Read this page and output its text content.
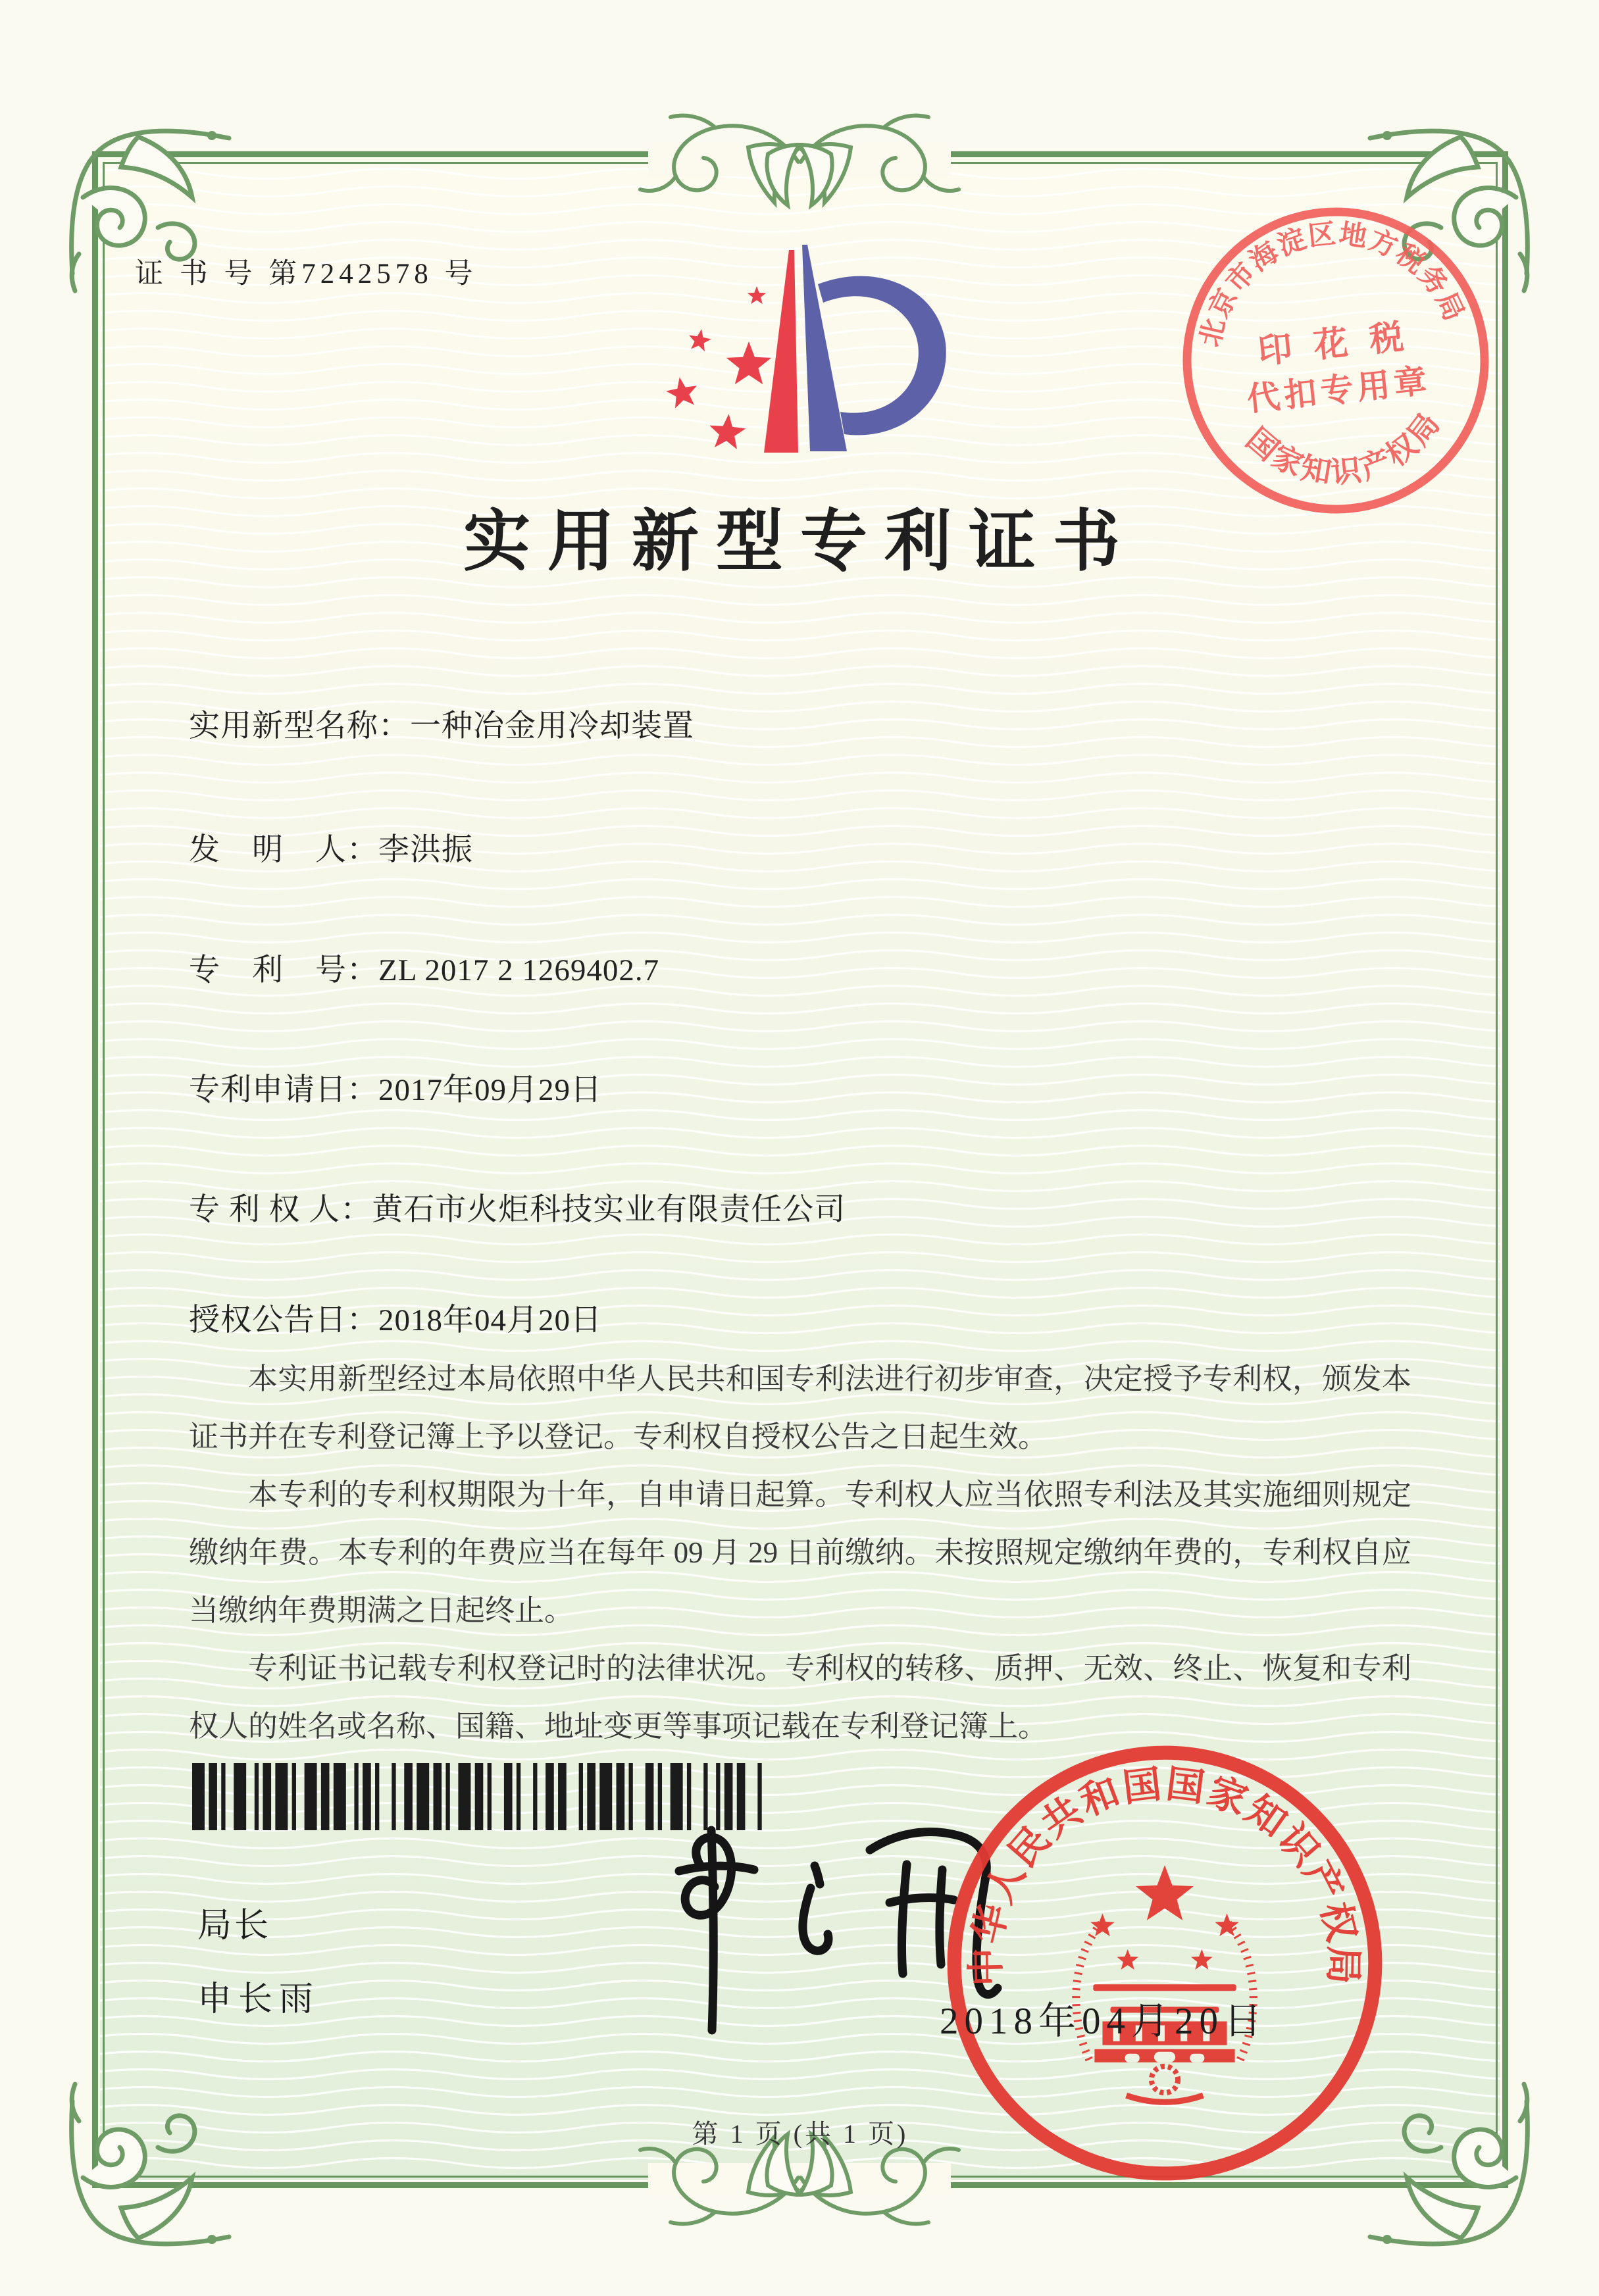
证 书 号 第7242578 号
北京市海淀区地方税务局
印 花 税
代扣专用章
国家知识产权局
实用新型专利证书
实用新型名称：一种冶金用冷却装置
发　明　人：李洪振
专　利　号：ZL 2017 2 1269402.7
专利申请日：2017年09月29日
专 利 权 人：黄石市火炬科技实业有限责任公司
授权公告日：2018年04月20日

本实用新型经过本局依照中华人民共和国专利法进行初步审查，决定授予专利权，颁发本证书并在专利登记簿上予以登记。专利权自授权公告之日起生效。

本专利的专利权期限为十年，自申请日起算。专利权人应当依照专利法及其实施细则规定缴纳年费。本专利的年费应当在每年 09 月 29 日前缴纳。未按照规定缴纳年费的，专利权自应当缴纳年费期满之日起终止。

专利证书记载专利权登记时的法律状况。专利权的转移、质押、无效、终止、恢复和专利权人的姓名或名称、国籍、地址变更等事项记载在专利登记簿上。

局长
申长雨
中华人民共和国国家知识产权局
2018年04月20日
第 1 页 (共 1 页)
